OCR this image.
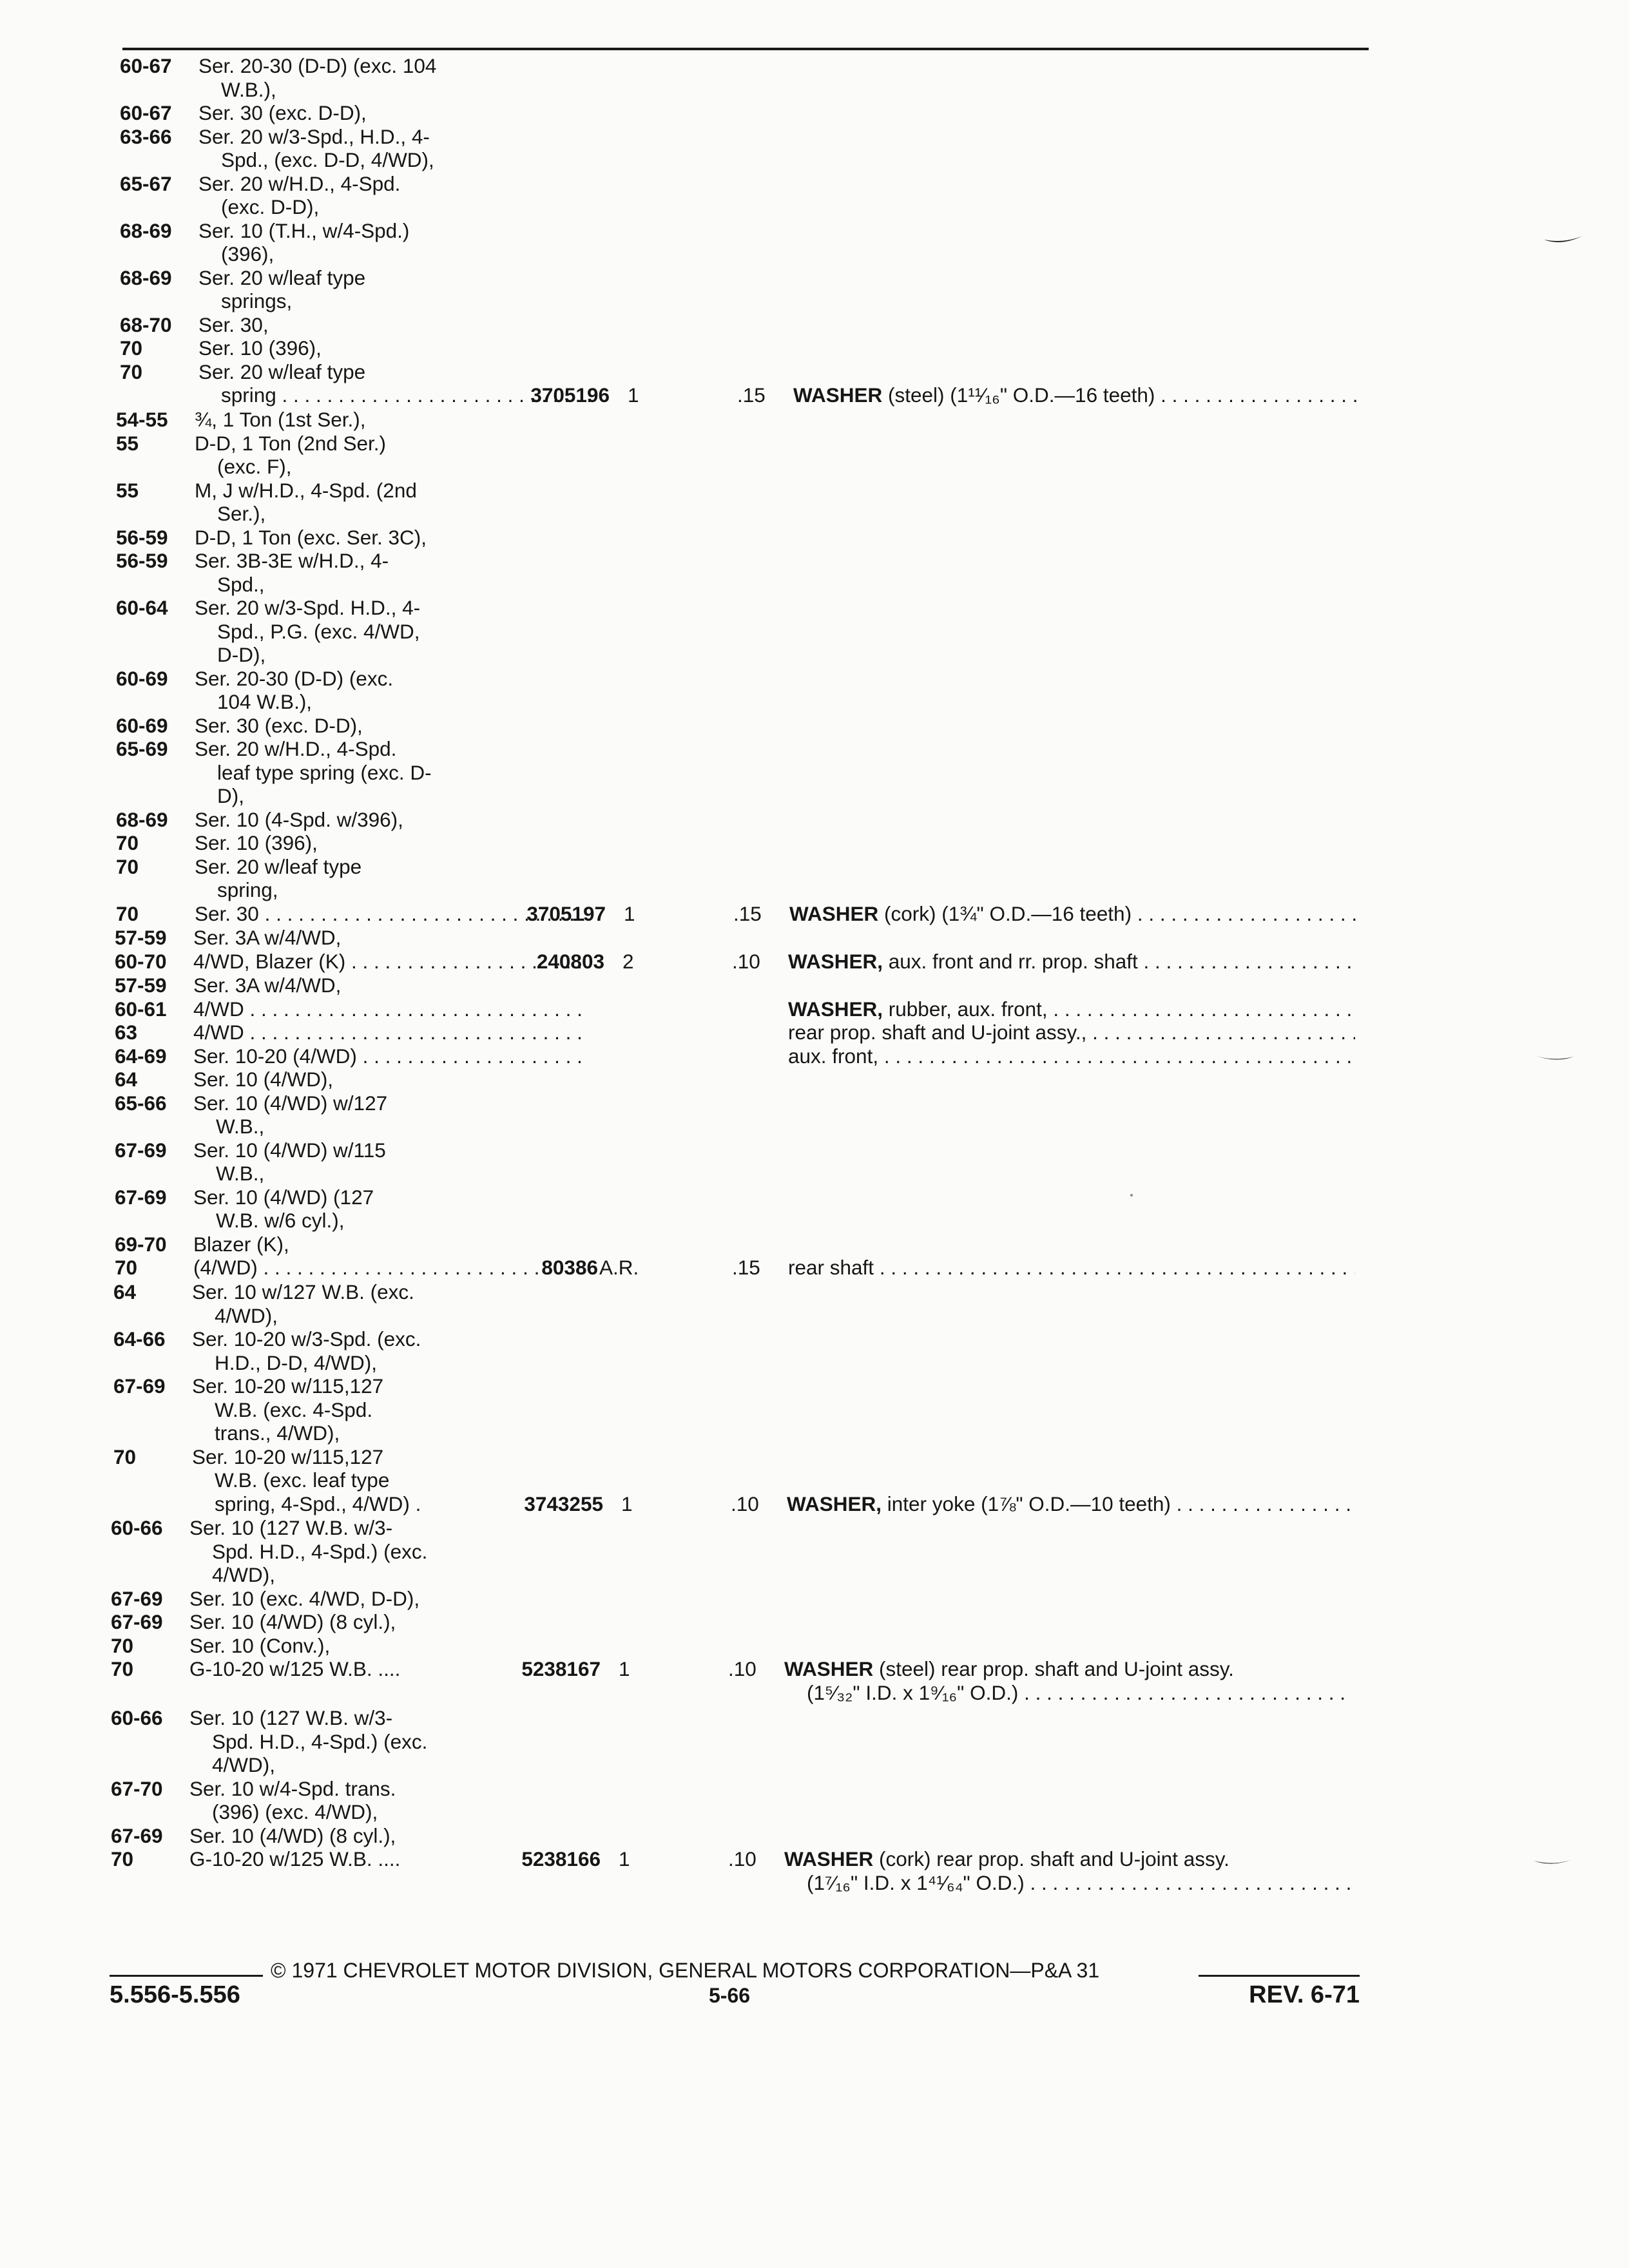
60-67 Ser. 20-30 (D-D) (exc. 104
W.B.),
60-67 Ser. 30 (exc. D-D),
63-66 Ser. 20 w/3-Spd., H.D., 4-
Spd., (exc. D-D, 4/WD),
65-67 Ser. 20 w/H.D., 4-Spd.
(exc. D-D),
68-69 Ser. 10 (T.H., w/4-Spd.)
(396),
68-69 Ser. 20 w/leaf type
springs,
68-70 Ser. 30,
70	Ser. 10 (396),
70	Ser. 20 w/leaf type
spring . . .	3705196 1	.15 WASHER (steel) (1¹¹⁄₁₆" O.D.—16 teeth) . . .
54-55 ¾, 1 Ton (1st Ser.),
55	D-D, 1 Ton (2nd Ser.)
(exc. F),
55	M, J w/H.D., 4-Spd. (2nd
Ser.),
56-59 D-D, 1 Ton (exc. Ser. 3C),
56-59 Ser. 3B-3E w/H.D., 4-
Spd.,
60-64 Ser. 20 w/3-Spd. H.D., 4-
Spd., P.G. (exc. 4/WD,
D-D),
60-69 Ser. 20-30 (D-D) (exc.
104 W.B.),
60-69 Ser. 30 (exc. D-D),
65-69 Ser. 20 w/H.D., 4-Spd.
leaf type spring (exc. D-
D),
68-69 Ser. 10 (4-Spd. w/396),
70	Ser. 10 (396),
70	Ser. 20 w/leaf type
spring,
70	Ser. 30 . . .	3705197 1	.15 WASHER (cork) (1¾" O.D.—16 teeth) . . .
57-59 Ser. 3A w/4/WD,
60-70 4/WD, Blazer (K) . . .	240803 2	.10 WASHER, aux. front and rr. prop. shaft . . .
57-59 Ser. 3A w/4/WD,
60-61 4/WD . . .	WASHER, rubber, aux. front, . . .
63	4/WD . . .	rear prop. shaft and U-joint assy., . . .
64-69 Ser. 10-20 (4/WD) . . .	aux. front, . . .
64	Ser. 10 (4/WD),
65-66 Ser. 10 (4/WD) w/127
W.B.,
67-69 Ser. 10 (4/WD) w/115
W.B.,
67-69 Ser. 10 (4/WD) (127
W.B. w/6 cyl.),
69-70 Blazer (K),
70	(4/WD) . . .	80386 A.R.	.15 rear shaft . . .
64	Ser. 10 w/127 W.B. (exc.
4/WD),
64-66 Ser. 10-20 w/3-Spd. (exc.
H.D., D-D, 4/WD),
67-69 Ser. 10-20 w/115,127
W.B. (exc. 4-Spd.
trans., 4/WD),
70	Ser. 10-20 w/115,127
W.B. (exc. leaf type
spring, 4-Spd., 4/WD) .	3743255 1	.10 WASHER, inter yoke (1⅞" O.D.—10 teeth) . . .
60-66 Ser. 10 (127 W.B. w/3-
Spd. H.D., 4-Spd.) (exc.
4/WD),
67-69 Ser. 10 (exc. 4/WD, D-D),
67-69 Ser. 10 (4/WD) (8 cyl.),
70	Ser. 10 (Conv.),
70	G-10-20 w/125 W.B. ....	5238167 1	.10 WASHER (steel) rear prop. shaft and U-joint assy.
(1⁵⁄₃₂" I.D. x 1⁹⁄₁₆" O.D.) . . .
60-66 Ser. 10 (127 W.B. w/3-
Spd. H.D., 4-Spd.) (exc.
4/WD),
67-70 Ser. 10 w/4-Spd. trans.
(396) (exc. 4/WD),
67-69 Ser. 10 (4/WD) (8 cyl.),
70	G-10-20 w/125 W.B. ....	5238166 1	.10 WASHER (cork) rear prop. shaft and U-joint assy.
(1⁷⁄₁₆" I.D. x 1⁴¹⁄₆₄" O.D.) . . .
© 1971 CHEVROLET MOTOR DIVISION, GENERAL MOTORS CORPORATION—P&A 31
5.556-5.556	5-66	REV. 6-71
